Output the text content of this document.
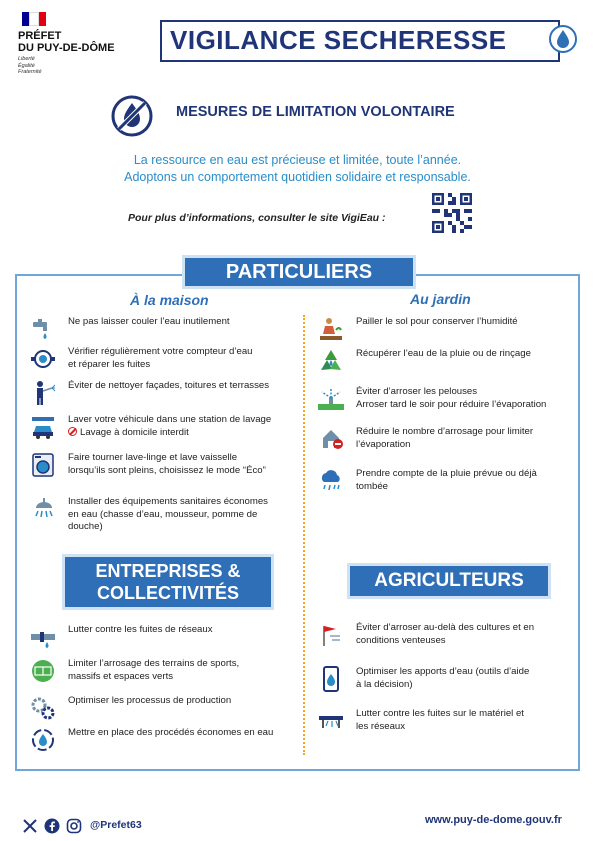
PRÉFET
DU PUY-DE-DÔME
Liberté
Égalité
Fraternité
VIGILANCE SECHERESSE
MESURES DE LIMITATION VOLONTAIRE
La ressource en eau est précieuse et limitée, toute l’année.
Adoptons un comportement quotidien solidaire et responsable.
Pour plus d’informations, consulter le site VigiEau :
PARTICULIERS
À la maison	Au jardin
Ne pas laisser couler l’eau inutilement
Vérifier régulièrement votre compteur d’eau
et réparer les fuites
Éviter de nettoyer façades, toitures et terrasses
Laver votre véhicule dans une station de lavage
Lavage à domicile interdit
Faire tourner lave-linge et lave vaisselle
lorsqu’ils sont pleins, choisissez le mode “Éco”
Installer des équipements sanitaires économes
en eau (chasse d’eau, mousseur, pomme de
douche)
Pailler le sol pour conserver l’humidité
Récupérer l’eau de la pluie ou de rinçage
Éviter d’arroser les pelouses
Arroser tard le soir pour réduire l’évaporation
Réduire le nombre d’arrosage pour limiter
l’évaporation
Prendre compte de la pluie prévue ou déjà
tombée
ENTREPRISES &
COLLECTIVITÉS
Lutter contre les fuites de réseaux
Limiter l’arrosage des terrains de sports,
massifs et espaces verts
Optimiser les processus de production
Mettre en place des procédés économes en eau
AGRICULTEURS
Éviter d’arroser au-delà des cultures et en
conditions venteuses
Optimiser les apports d’eau (outils d’aide
à la décision)
Lutter contre les fuites sur le matériel et
les réseaux
@Prefet63	www.puy-de-dome.gouv.fr
